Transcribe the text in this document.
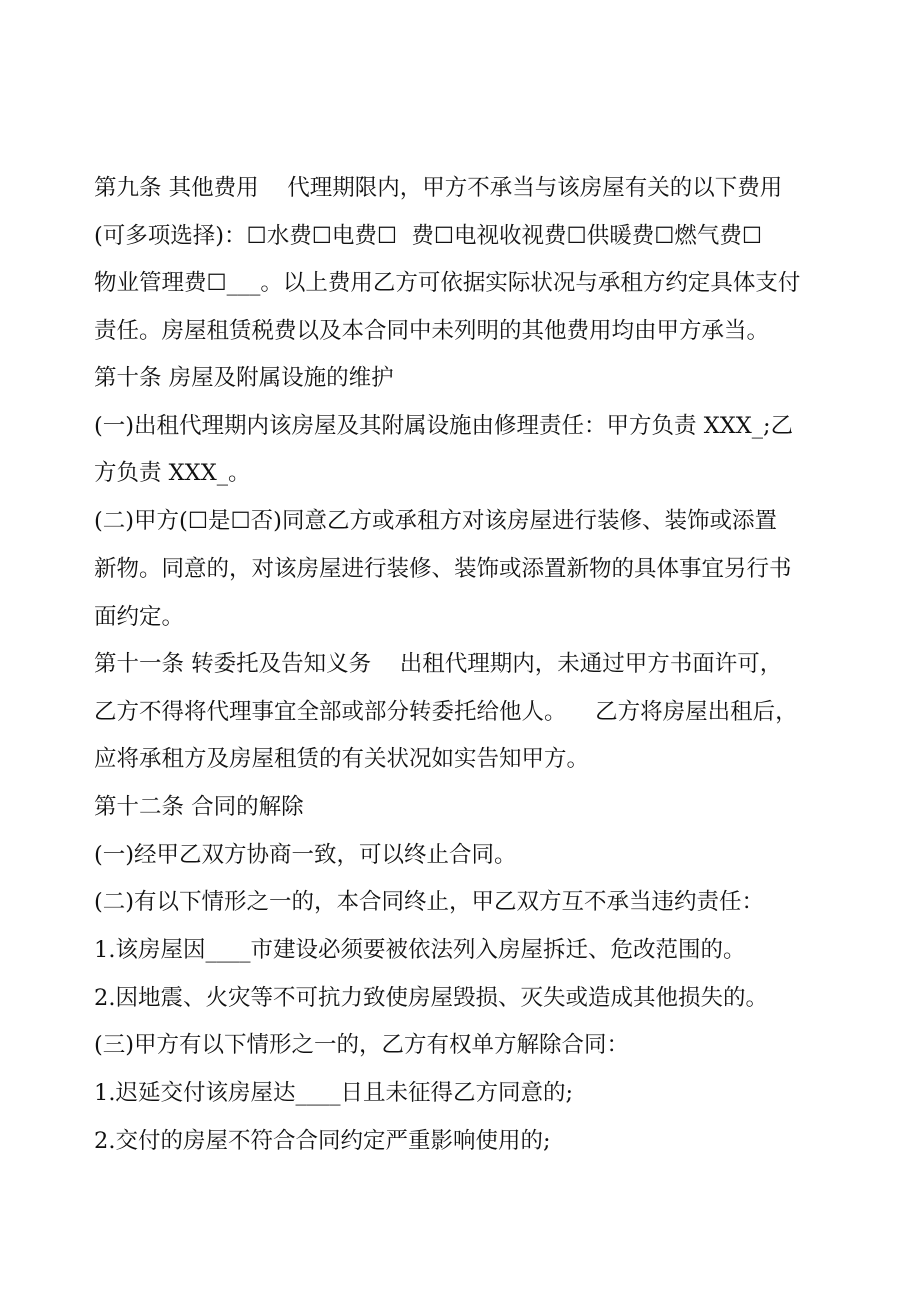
第九条 其他费用    代理期限内，甲方不承当与该房屋有关的以下费用
(可多项选择)：☐水费☐电费☐  费☐电视收视费☐供暖费☐燃气费☐
物业管理费☐___。以上费用乙方可依据实际状况与承租方约定具体支付
责任。房屋租赁税费以及本合同中未列明的其他费用均由甲方承当。
第十条 房屋及附属设施的维护
(一)出租代理期内该房屋及其附属设施由修理责任：甲方负责 XXX_;乙
方负责 XXX_。
(二)甲方(☐是☐否)同意乙方或承租方对该房屋进行装修、装饰或添置
新物。同意的，对该房屋进行装修、装饰或添置新物的具体事宜另行书
面约定。
第十一条 转委托及告知义务    出租代理期内，未通过甲方书面许可，
乙方不得将代理事宜全部或部分转委托给他人。    乙方将房屋出租后，
应将承租方及房屋租赁的有关状况如实告知甲方。
第十二条 合同的解除
(一)经甲乙双方协商一致，可以终止合同。
(二)有以下情形之一的，本合同终止，甲乙双方互不承当违约责任：
1.该房屋因____市建设必须要被依法列入房屋拆迁、危改范围的。
2.因地震、火灾等不可抗力致使房屋毁损、灭失或造成其他损失的。
(三)甲方有以下情形之一的，乙方有权单方解除合同：
1.迟延交付该房屋达____日且未征得乙方同意的;
2.交付的房屋不符合合同约定严重影响使用的;
